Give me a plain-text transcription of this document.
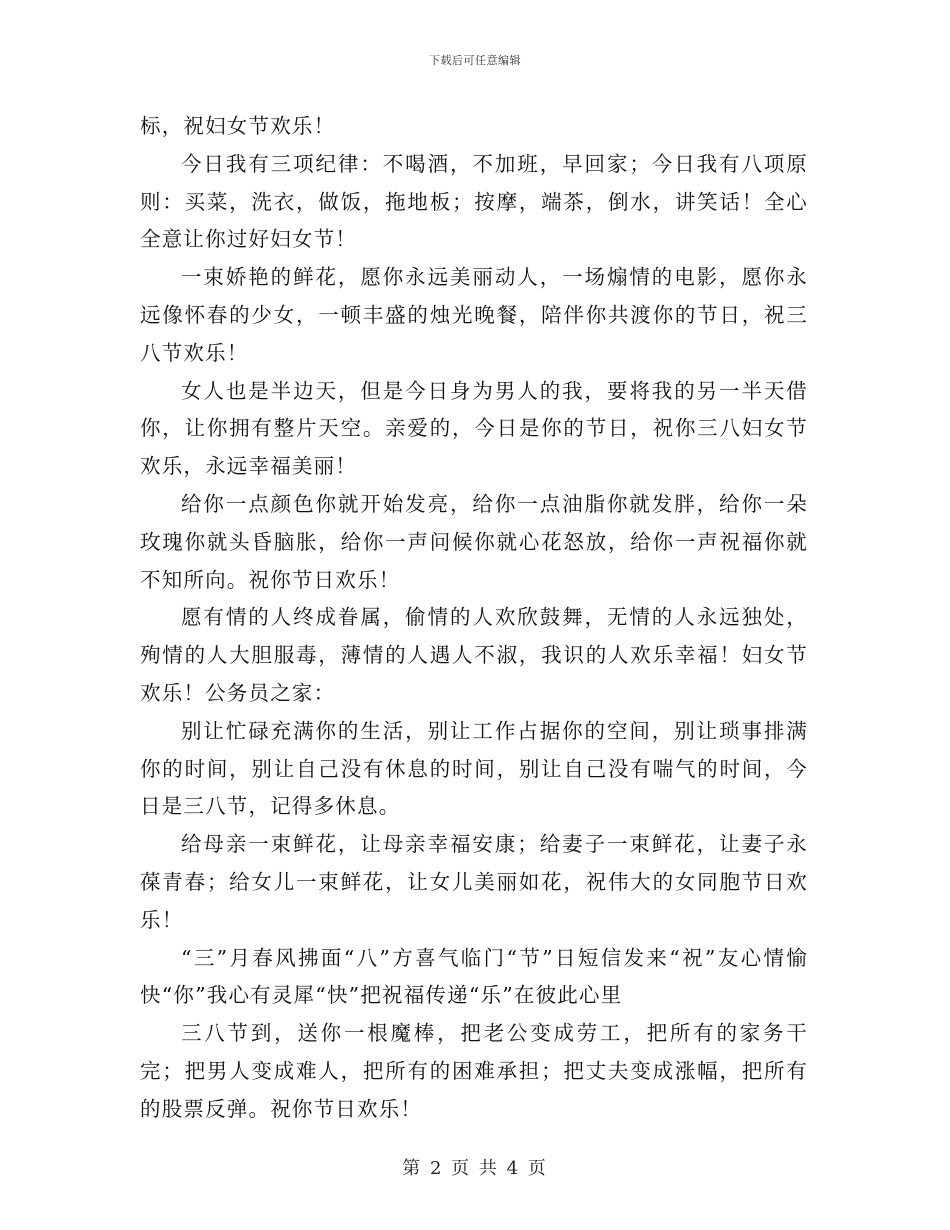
下载后可任意编辑

标，祝妇女节欢乐！

今日我有三项纪律：不喝酒，不加班，早回家；今日我有八项原则：买菜，洗衣，做饭，拖地板；按摩，端茶，倒水，讲笑话！全心全意让你过好妇女节！

一束娇艳的鲜花，愿你永远美丽动人，一场煽情的电影，愿你永远像怀春的少女，一顿丰盛的烛光晚餐，陪伴你共渡你的节日，祝三八节欢乐！

女人也是半边天，但是今日身为男人的我，要将我的另一半天借你，让你拥有整片天空。亲爱的，今日是你的节日，祝你三八妇女节欢乐，永远幸福美丽！

给你一点颜色你就开始发亮，给你一点油脂你就发胖，给你一朵玫瑰你就头昏脑胀，给你一声问候你就心花怒放，给你一声祝福你就不知所向。祝你节日欢乐！

愿有情的人终成眷属，偷情的人欢欣鼓舞，无情的人永远独处，殉情的人大胆服毒，薄情的人遇人不淑，我识的人欢乐幸福！妇女节欢乐！公务员之家：

别让忙碌充满你的生活，别让工作占据你的空间，别让琐事排满你的时间，别让自己没有休息的时间，别让自己没有喘气的时间，今日是三八节，记得多休息。

给母亲一束鲜花，让母亲幸福安康；给妻子一束鲜花，让妻子永葆青春；给女儿一束鲜花，让女儿美丽如花，祝伟大的女同胞节日欢乐！

“三”月春风拂面“八”方喜气临门“节”日短信发来“祝”友心情愉快“你”我心有灵犀“快”把祝福传递“乐”在彼此心里

三八节到，送你一根魔棒，把老公变成劳工，把所有的家务干完；把男人变成难人，把所有的困难承担；把丈夫变成涨幅，把所有的股票反弹。祝你节日欢乐！

第 2 页 共 4 页
